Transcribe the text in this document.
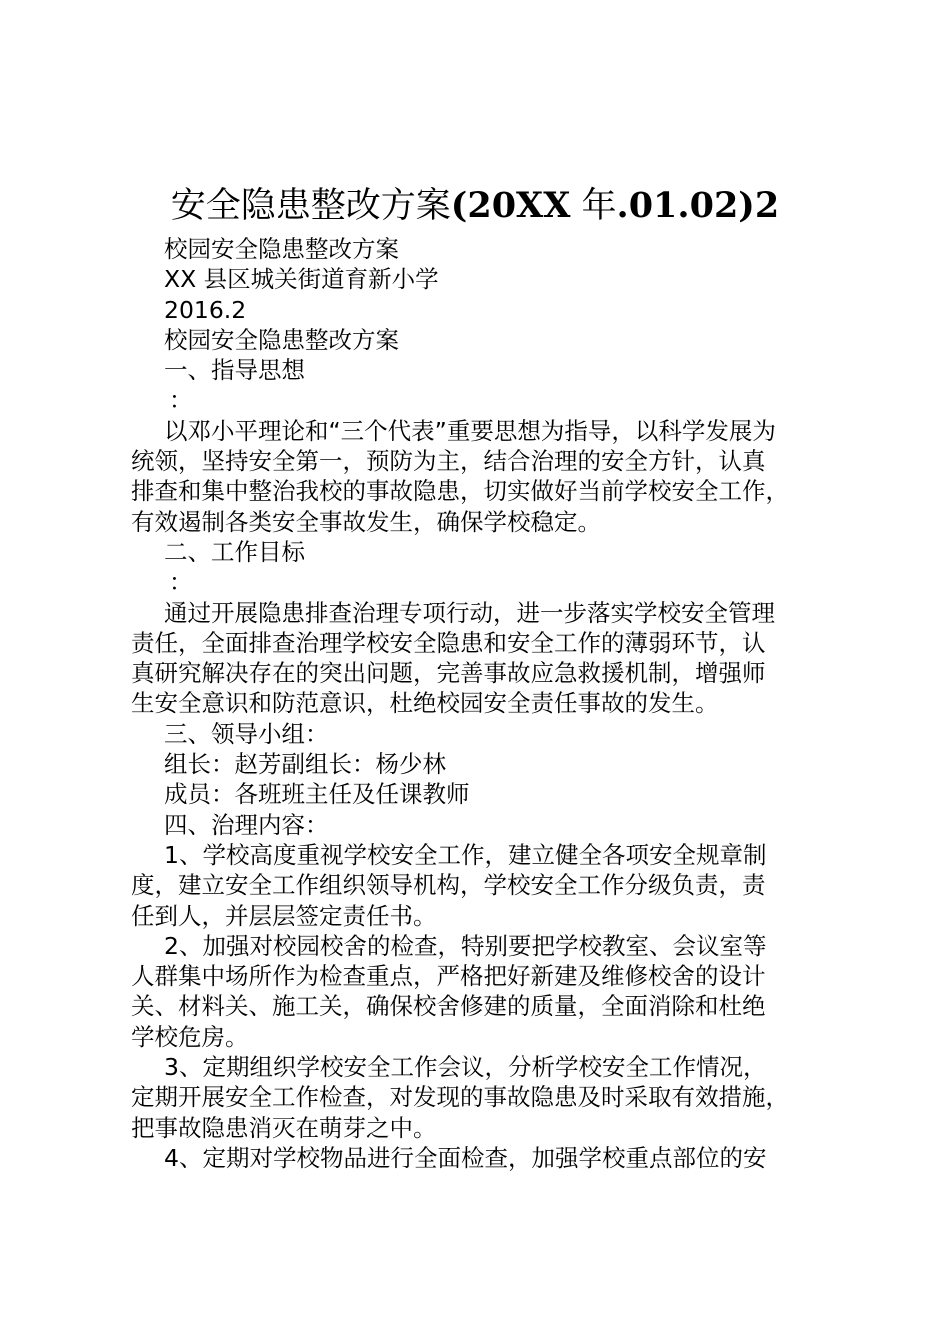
安全隐患整改方案(20XX 年.01.02)2

校园安全隐患整改方案

XX 县区城关街道育新小学

2016.2

校园安全隐患整改方案

一、指导思想

：

以邓小平理论和“三个代表”重要思想为指导，以科学发展为

统领，坚持安全第一，预防为主，结合治理的安全方针，认真

排查和集中整治我校的事故隐患，切实做好当前学校安全工作，

有效遏制各类安全事故发生，确保学校稳定。

二、工作目标

：

通过开展隐患排查治理专项行动，进一步落实学校安全管理

责任，全面排查治理学校安全隐患和安全工作的薄弱环节，认

真研究解决存在的突出问题，完善事故应急救援机制，增强师

生安全意识和防范意识，杜绝校园安全责任事故的发生。

三、领导小组：

组长：赵芳副组长：杨少林

成员：各班班主任及任课教师

四、治理内容：

1、学校高度重视学校安全工作，建立健全各项安全规章制

度，建立安全工作组织领导机构，学校安全工作分级负责，责

任到人，并层层签定责任书。

2、加强对校园校舍的检查，特别要把学校教室、会议室等

人群集中场所作为检查重点，严格把好新建及维修校舍的设计

关、材料关、施工关，确保校舍修建的质量，全面消除和杜绝

学校危房。

3、定期组织学校安全工作会议，分析学校安全工作情况，

定期开展安全工作检查，对发现的事故隐患及时采取有效措施，

把事故隐患消灭在萌芽之中。

4、定期对学校物品进行全面检查，加强学校重点部位的安
